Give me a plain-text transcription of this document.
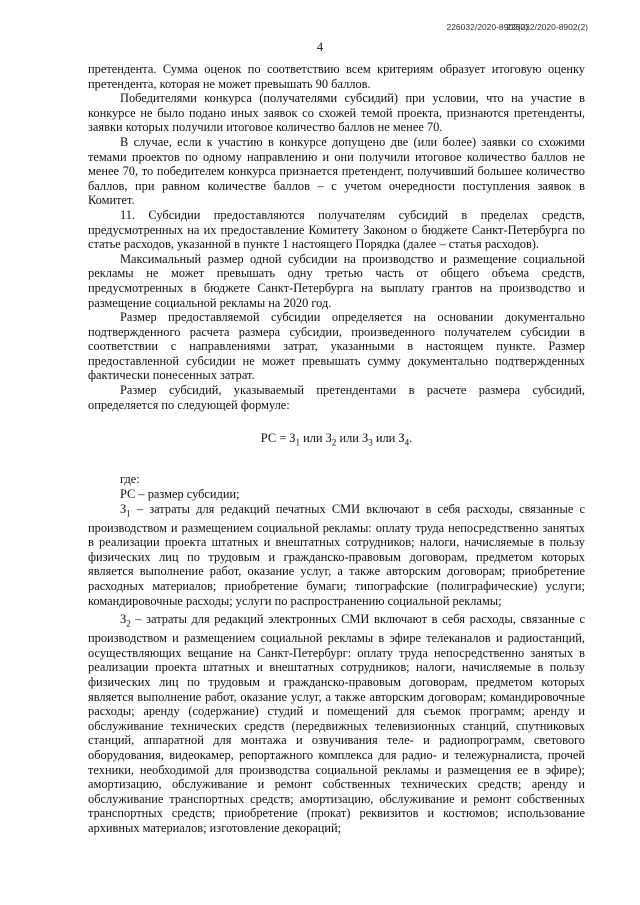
226032/2020-8902(2)226032/2020-8902(2)
4

претендента. Сумма оценок по соответствию всем критериям образует итоговую оценку претендента, которая не может превышать 90 баллов.

Победителями конкурса (получателями субсидий) при условии, что на участие в конкурсе не было подано иных заявок со схожей темой проекта, признаются претенденты, заявки которых получили итоговое количество баллов не менее 70.

В случае, если к участию в конкурсе допущено две (или более) заявки со схожими темами проектов по одному направлению и они получили итоговое количество баллов не менее 70, то победителем конкурса признается претендент, получивший большее количество баллов, при равном количестве баллов – с учетом очередности поступления заявок в Комитет.

11. Субсидии предоставляются получателям субсидий в пределах средств, предусмотренных на их предоставление Комитету Законом о бюджете Санкт-Петербурга по статье расходов, указанной в пункте 1 настоящего Порядка (далее – статья расходов).

Максимальный размер одной субсидии на производство и размещение социальной рекламы не может превышать одну третью часть от общего объема средств, предусмотренных в бюджете Санкт-Петербурга на выплату грантов на производство и размещение социальной рекламы на 2020 год.

Размер предоставляемой субсидии определяется на основании документально подтвержденного расчета размера субсидии, произведенного получателем субсидии в соответствии с направлениями затрат, указанными в настоящем пункте. Размер предоставленной субсидии не может превышать сумму документально подтвержденных фактически понесенных затрат.

Размер субсидий, указываемый претендентами в расчете размера субсидий, определяется по следующей формуле:

РС = $З_1$ или $З_2$ или $З_3$ или $З_4$.

где:

РС – размер субсидии;

$З_1$ – затраты для редакций печатных СМИ включают в себя расходы, связанные с производством и размещением социальной рекламы: оплату труда непосредственно занятых в реализации проекта штатных и внештатных сотрудников; налоги, начисляемые в пользу физических лиц по трудовым и гражданско-правовым договорам, предметом которых является выполнение работ, оказание услуг, а также авторским договорам; приобретение расходных материалов; приобретение бумаги; типографские (полиграфические) услуги; командировочные расходы; услуги по распространению социальной рекламы;

$З_2$ – затраты для редакций электронных СМИ включают в себя расходы, связанные с производством и размещением социальной рекламы в эфире телеканалов и радиостанций, осуществляющих вещание на Санкт-Петербург: оплату труда непосредственно занятых в реализации проекта штатных и внештатных сотрудников; налоги, начисляемые в пользу физических лиц по трудовым и гражданско-правовым договорам, предметом которых является выполнение работ, оказание услуг, а также авторским договорам; командировочные расходы; аренду (содержание) студий и помещений для съемок программ; аренду и обслуживание технических средств (передвижных телевизионных станций, спутниковых станций, аппаратной для монтажа и озвучивания теле- и радиопрограмм, светового оборудования, видеокамер, репортажного комплекса для радио- и тележурналиста, прочей техники, необходимой для производства социальной рекламы и размещения ее в эфире); амортизацию, обслуживание и ремонт собственных технических средств; аренду и обслуживание транспортных средств; амортизацию, обслуживание и ремонт собственных транспортных средств; приобретение (прокат) реквизитов и костюмов; использование архивных материалов; изготовление декораций;
